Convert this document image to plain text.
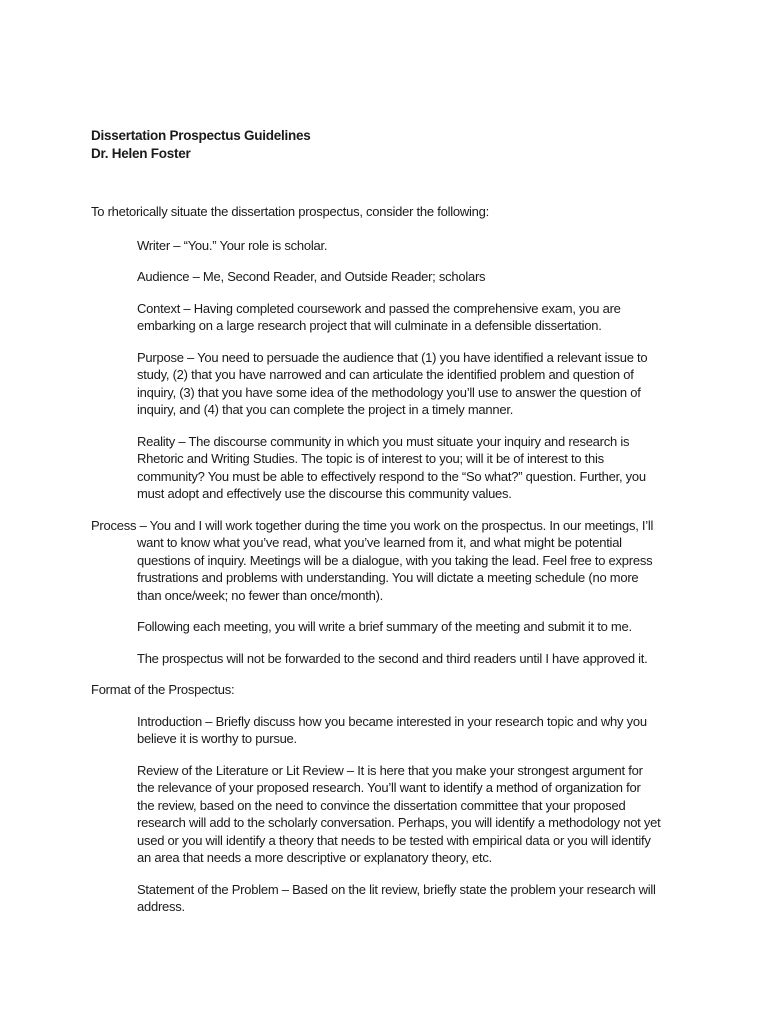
Dissertation Prospectus Guidelines

Dr. Helen Foster

To rhetorically situate the dissertation prospectus, consider the following:

Writer – “You.” Your role is scholar.

Audience – Me, Second Reader, and Outside Reader; scholars

Context – Having completed coursework and passed the comprehensive exam, you are embarking on a large research project that will culminate in a defensible dissertation.

Purpose – You need to persuade the audience that (1) you have identified a relevant issue to study, (2) that you have narrowed and can articulate the identified problem and question of inquiry, (3) that you have some idea of the methodology you’ll use to answer the question of inquiry, and (4) that you can complete the project in a timely manner.

Reality – The discourse community in which you must situate your inquiry and research is Rhetoric and Writing Studies. The topic is of interest to you; will it be of interest to this community? You must be able to effectively respond to the “So what?” question. Further, you must adopt and effectively use the discourse this community values.

Process – You and I will work together during the time you work on the prospectus. In our meetings, I’ll want to know what you’ve read, what you’ve learned from it, and what might be potential questions of inquiry. Meetings will be a dialogue, with you taking the lead. Feel free to express frustrations and problems with understanding. You will dictate a meeting schedule (no more than once/week; no fewer than once/month).

Following each meeting, you will write a brief summary of the meeting and submit it to me.

The prospectus will not be forwarded to the second and third readers until I have approved it.

Format of the Prospectus:

Introduction – Briefly discuss how you became interested in your research topic and why you believe it is worthy to pursue.

Review of the Literature or Lit Review – It is here that you make your strongest argument for the relevance of your proposed research. You’ll want to identify a method of organization for the review, based on the need to convince the dissertation committee that your proposed research will add to the scholarly conversation. Perhaps, you will identify a methodology not yet used or you will identify a theory that needs to be tested with empirical data or you will identify an area that needs a more descriptive or explanatory theory, etc.

Statement of the Problem – Based on the lit review, briefly state the problem your research will address.
